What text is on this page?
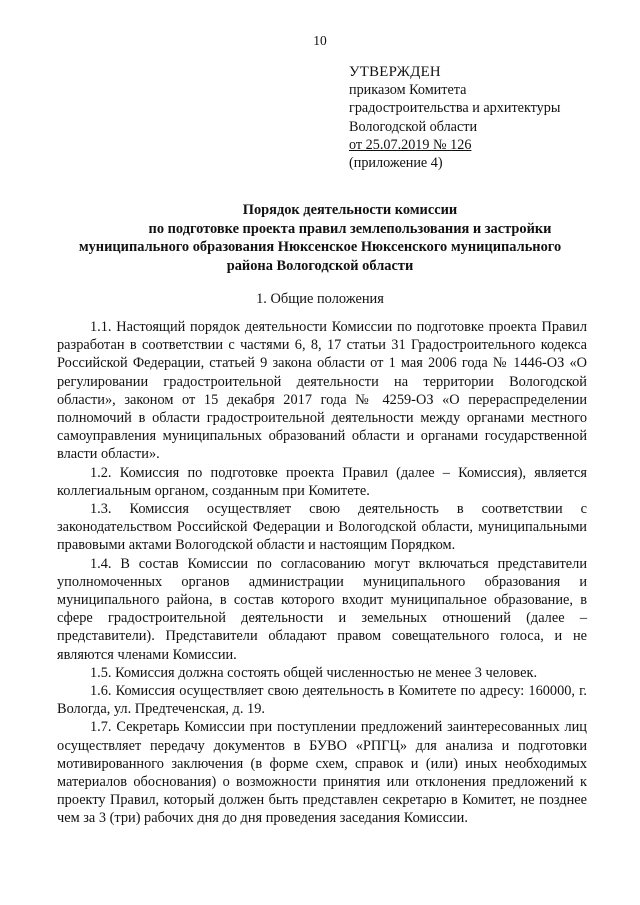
10
УТВЕРЖДЕН
приказом Комитета
градостроительства и архитектуры
Вологодской области
от 25.07.2019 № 126
(приложение 4)
Порядок деятельности комиссии
по подготовке проекта правил землепользования и застройки
муниципального образования Нюксенское Нюксенского муниципального
района Вологодской области
1. Общие положения

1.1. Настоящий порядок деятельности Комиссии по подготовке проекта Правил разработан в соответствии с частями 6, 8, 17 статьи 31 Градостроительного кодекса Российской Федерации, статьей 9 закона области от 1 мая 2006 года № 1446-ОЗ «О регулировании градостроительной деятельности на территории Вологодской области», законом от 15 декабря 2017 года № 4259-ОЗ «О перераспределении полномочий в области градостроительной деятельности между органами местного самоуправления муниципальных образований области и органами государственной власти области».

1.2. Комиссия по подготовке проекта Правил (далее – Комиссия), является коллегиальным органом, созданным при Комитете.

1.3. Комиссия осуществляет свою деятельность в соответствии с законодательством Российской Федерации и Вологодской области, муниципальными правовыми актами Вологодской области и настоящим Порядком.

1.4. В состав Комиссии по согласованию могут включаться представители уполномоченных органов администрации муниципального образования и муниципального района, в состав которого входит муниципальное образование, в сфере градостроительной деятельности и земельных отношений (далее – представители). Представители обладают правом совещательного голоса, и не являются членами Комиссии.

1.5. Комиссия должна состоять общей численностью не менее 3 человек.

1.6. Комиссия осуществляет свою деятельность в Комитете по адресу: 160000, г. Вологда, ул. Предтеченская, д. 19.

1.7. Секретарь Комиссии при поступлении предложений заинтересованных лиц осуществляет передачу документов в БУВО «РПГЦ» для анализа и подготовки мотивированного заключения (в форме схем, справок и (или) иных необходимых материалов обоснования) о возможности принятия или отклонения предложений к проекту Правил, который должен быть представлен секретарю в Комитет, не позднее чем за 3 (три) рабочих дня до дня проведения заседания Комиссии.
